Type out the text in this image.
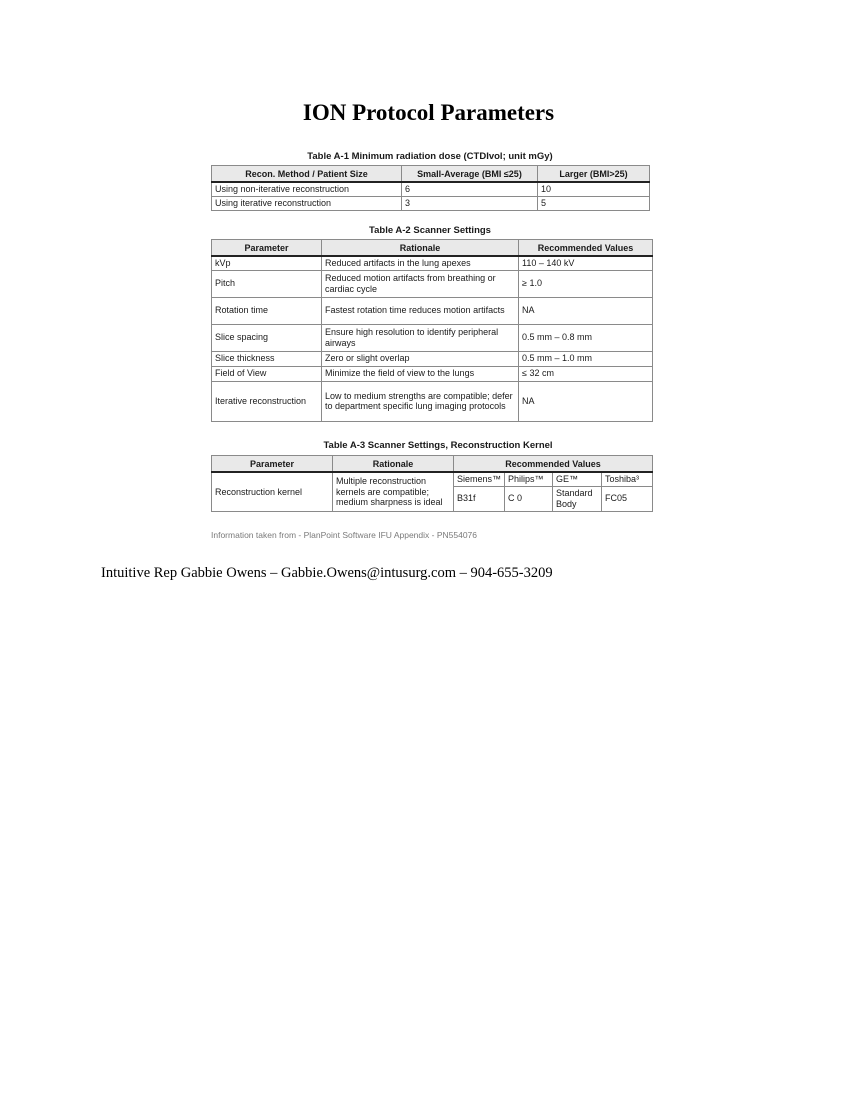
ION Protocol Parameters
Table A-1 Minimum radiation dose (CTDIvol; unit mGy)
Recon. Method / Patient Size	Small-Average (BMI ≤25)	Larger (BMI>25)
Using non-iterative reconstruction	6	10
Using iterative reconstruction	3	5
Table A-2 Scanner Settings
Parameter	Rationale	Recommended Values
kVp	Reduced artifacts in the lung apexes	110 – 140 kV
Pitch	Reduced motion artifacts from breathing or cardiac cycle	≥ 1.0
Rotation time	Fastest rotation time reduces motion artifacts	NA
Slice spacing	Ensure high resolution to identify peripheral airways	0.5 mm – 0.8 mm
Slice thickness	Zero or slight overlap	0.5 mm – 1.0 mm
Field of View	Minimize the field of view to the lungs	≤ 32 cm
Iterative reconstruction	Low to medium strengths are compatible; defer to department specific lung imaging protocols	NA
Table A-3 Scanner Settings, Reconstruction Kernel
Parameter	Rationale	Recommended Values			
Reconstruction kernel	Multiple reconstruction kernels are compatible; medium sharpness is ideal	Siemens™	Philips™	GE™	Toshiba³
		B31f	C 0	Standard Body	FC05
Information taken from - PlanPoint Software IFU Appendix - PN554076
Intuitive Rep Gabbie Owens – Gabbie.Owens@intusurg.com – 904-655-3209
